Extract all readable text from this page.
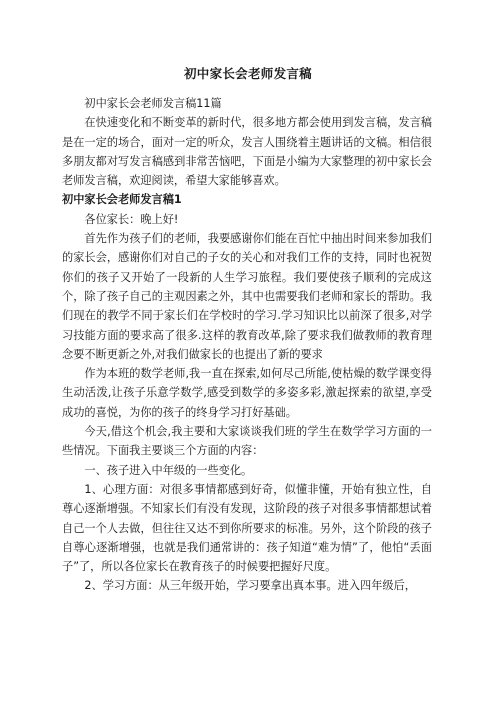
初中家长会老师发言稿

初中家长会老师发言稿11篇

在快速变化和不断变革的新时代，很多地方都会使用到发言稿，发言稿是在一定的场合，面对一定的听众，发言人围绕着主题讲话的文稿。相信很多朋友都对写发言稿感到非常苦恼吧，下面是小编为大家整理的初中家长会老师发言稿，欢迎阅读，希望大家能够喜欢。

初中家长会老师发言稿1

各位家长：晚上好!

首先作为孩子们的老师，我要感谢你们能在百忙中抽出时间来参加我们的家长会，感谢你们对自己的子女的关心和对我们工作的支持，同时也祝贺你们的孩子又开始了一段新的人生学习旅程。我们要使孩子顺利的完成这个，除了孩子自己的主观因素之外，其中也需要我们老师和家长的帮助。我们现在的教学不同于家长们在学校时的学习.学习知识比以前深了很多,对学习技能方面的要求高了很多.这样的教育改革,除了要求我们做教师的教育理念要不断更新之外,对我们做家长的也提出了新的要求

作为本班的数学老师,我一直在探索,如何尽己所能,使枯燥的数学课变得生动活泼,让孩子乐意学数学,感受到数学的多姿多彩,激起探索的欲望,享受成功的喜悦，为你的孩子的终身学习打好基础。

今天,借这个机会,我主要和大家谈谈我们班的学生在数学学习方面的一些情况。下面我主要谈三个方面的内容：

一、孩子进入中年级的一些变化。

1、心理方面：对很多事情都感到好奇，似懂非懂，开始有独立性，自尊心逐渐增强。不知家长们有没有发现，这阶段的孩子对很多事情都想试着自己一个人去做，但往往又达不到你所要求的标准。另外，这个阶段的孩子自尊心逐渐增强，也就是我们通常讲的：孩子知道“难为情”了，他怕“丢面子”了，所以各位家长在教育孩子的时候要把握好尺度。

2、学习方面：从三年级开始，学习要拿出真本事。进入四年级后，
